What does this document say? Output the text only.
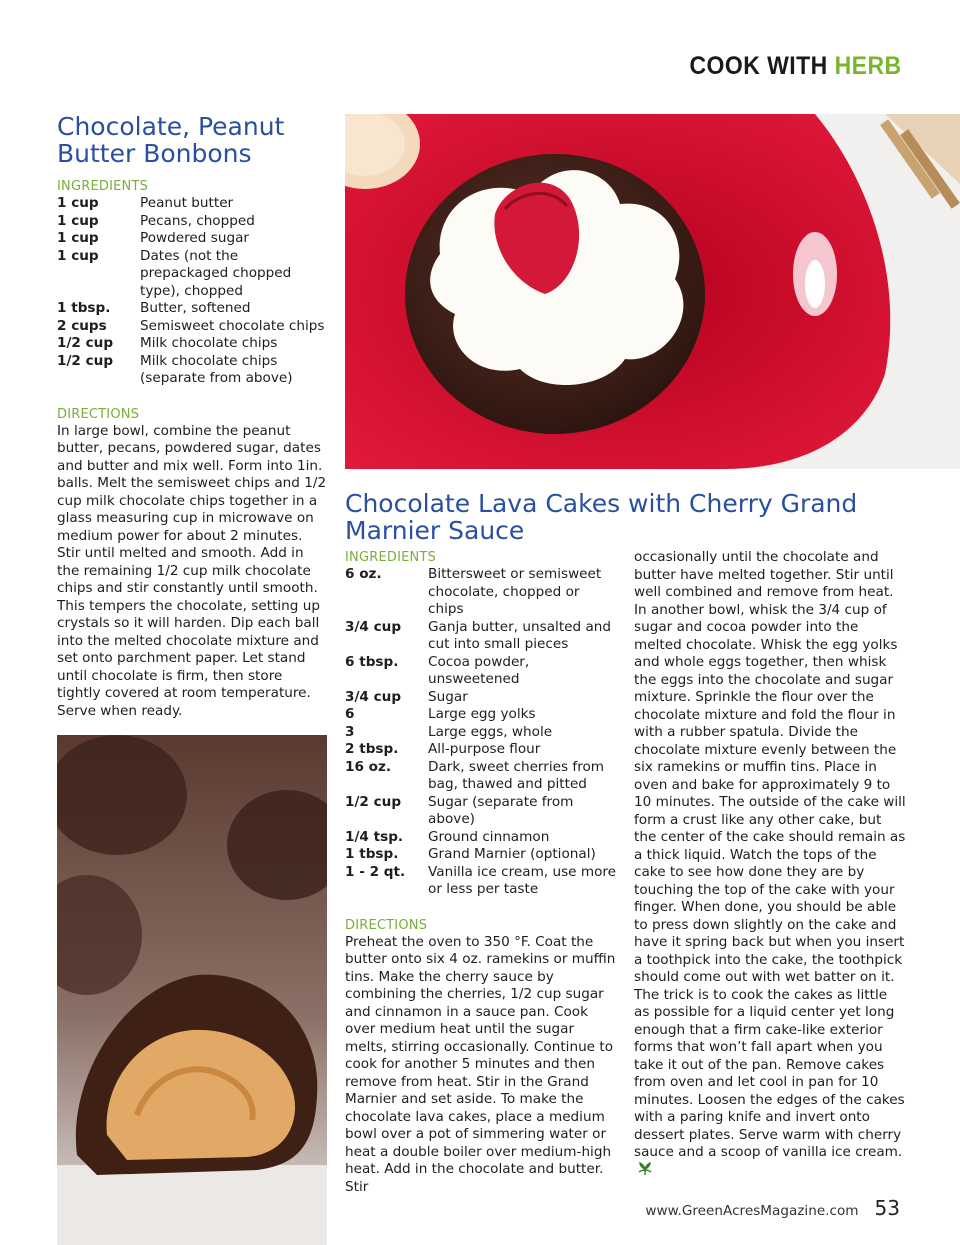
COOK WITH HERB
Chocolate, Peanut
Butter Bonbons
INGREDIENTS
1 cup	Peanut butter
1 cup	Pecans, chopped
1 cup	Powdered sugar
1 cup	Dates (not the prepackaged chopped type), chopped
1 tbsp.	Butter, softened
2 cups	Semisweet chocolate chips
1/2 cup	Milk chocolate chips
1/2 cup	Milk chocolate chips (separate from above)
DIRECTIONS

In large bowl, combine the peanut butter, pecans, powdered sugar, dates and butter and mix well. Form into 1in. balls. Melt the semisweet chips and 1/2 cup milk chocolate chips together in a glass measuring cup in microwave on medium power for about 2 minutes. Stir until melted and smooth. Add in the remaining 1/2 cup milk chocolate chips and stir constantly until smooth. This tempers the chocolate, setting up crystals so it will harden. Dip each ball into the melted chocolate mixture and set onto parchment paper. Let stand until chocolate is firm, then store tightly covered at room temperature. Serve when ready.

Chocolate Lava Cakes with Cherry Grand
Marnier Sauce
INGREDIENTS
6 oz.	Bittersweet or semisweet chocolate, chopped or chips
3/4 cup	Ganja butter, unsalted and cut into small pieces
6 tbsp.	Cocoa powder, unsweetened
3/4 cup	Sugar
6	Large egg yolks
3	Large eggs, whole
2 tbsp.	All-purpose flour
16 oz.	Dark, sweet cherries from bag, thawed and pitted
1/2 cup	Sugar (separate from above)
1/4 tsp.	Ground cinnamon
1 tbsp.	Grand Marnier (optional)
1 - 2 qt.	Vanilla ice cream, use more or less per taste
DIRECTIONS

Preheat the oven to 350 °F. Coat the butter onto six 4 oz. ramekins or muffin tins. Make the cherry sauce by combining the cherries, 1/2 cup sugar and cinnamon in a sauce pan. Cook over medium heat until the sugar melts, stirring occasionally. Continue to cook for another 5 minutes and then remove from heat. Stir in the Grand Marnier and set aside. To make the chocolate lava cakes, place a medium bowl over a pot of simmering water or heat a double boiler over medium-high heat. Add in the chocolate and butter. Stir

occasionally until the chocolate and butter have melted together. Stir until well combined and remove from heat. In another bowl, whisk the 3/4 cup of sugar and cocoa powder into the melted chocolate. Whisk the egg yolks and whole eggs together, then whisk the eggs into the chocolate and sugar mixture. Sprinkle the flour over the chocolate mixture and fold the flour in with a rubber spatula. Divide the chocolate mixture evenly between the six ramekins or muffin tins. Place in oven and bake for approximately 9 to 10 minutes. The outside of the cake will form a crust like any other cake, but the center of the cake should remain as a thick liquid. Watch the tops of the cake to see how done they are by touching the top of the cake with your finger. When done, you should be able to press down slightly on the cake and have it spring back but when you insert a toothpick into the cake, the toothpick should come out with wet batter on it. The trick is to cook the cakes as little as possible for a liquid center yet long enough that a firm cake-like exterior forms that won’t fall apart when you take it out of the pan. Remove cakes from oven and let cool in pan for 10 minutes. Loosen the edges of the cakes with a paring knife and invert onto dessert plates. Serve warm with cherry sauce and a scoop of vanilla ice cream.

www.GreenAcresMagazine.com 53
